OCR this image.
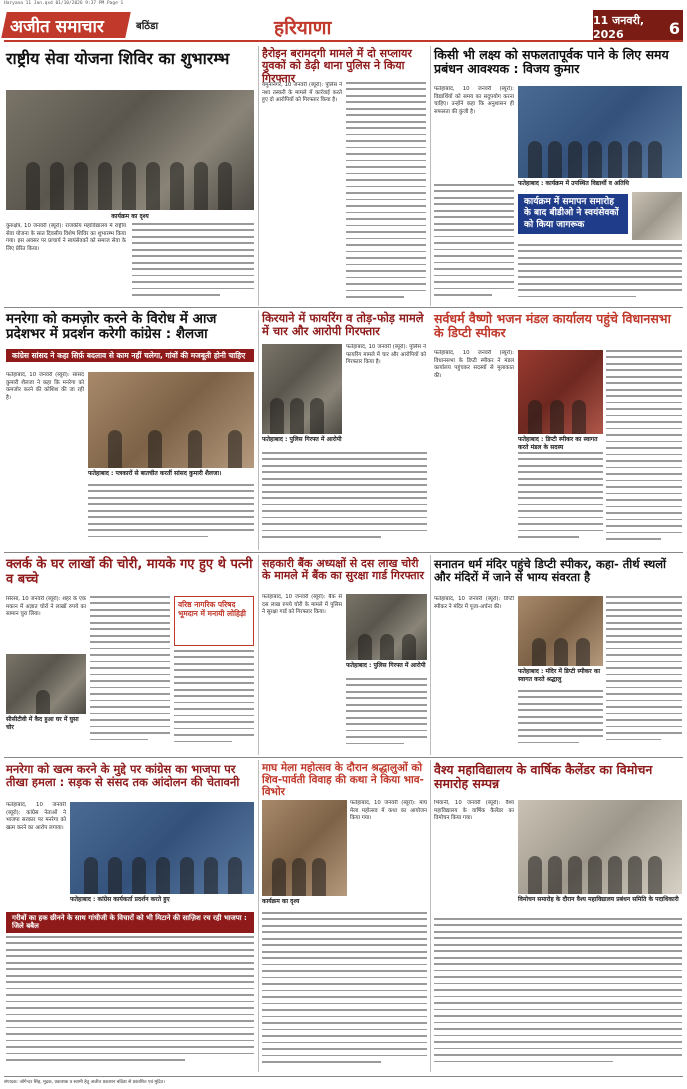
Haryana 11 Jan.qxd 01/10/2026 9:37 PM Page 1
अजीत समाचार	बठिंडा	हरियाणा	11 जनवरी, 2026	6
राष्ट्रीय सेवा योजना शिविर का शुभारम्भ
कार्यक्रम का दृश्य
कुरुक्षेत्र, 10 जनवरी (ब्यूरो): राजकीय महाविद्यालय में राष्ट्रीय सेवा योजना के सात दिवसीय विशेष शिविर का शुभारम्भ किया गया। इस अवसर पर प्राचार्य ने स्वयंसेवकों को समाज सेवा के लिए प्रेरित किया।
हैरोइन बरामदगी मामले में दो सप्लायर युवकों को डेढ़ी थाना पुलिस ने किया गिरफ्तार
यमुनानगर, 10 जनवरी (ब्यूरो): पुलिस ने नशा तस्करी के मामले में कार्रवाई करते हुए दो आरोपियों को गिरफ्तार किया है।
किसी भी लक्ष्य को सफलतापूर्वक पाने के लिए समय प्रबंधन आवश्यक : विजय कुमार
फतेहाबाद, 10 जनवरी (ब्यूरो): विद्यार्थियों को समय का सदुपयोग करना चाहिए। उन्होंने कहा कि अनुशासन ही सफलता की कुंजी है।
फतेहाबाद : कार्यक्रम में उपस्थित विद्यार्थी व अतिथि
कार्यक्रम में समापन समारोह के बाद बीडीओ ने स्वयंसेवकों को किया जागरूक
मनरेगा को कमज़ोर करने के विरोध में आज प्रदेशभर में प्रदर्शन करेगी कांग्रेस : शैलजा
कांग्रेस सांसद ने कहा सिर्फ़ बदलाव से काम नहीं चलेगा, गांवों की मजबूती होनी चाहिए
फतेहाबाद, 10 जनवरी (ब्यूरो): सांसद कुमारी शैलजा ने कहा कि मनरेगा को कमजोर करने की कोशिश की जा रही है।
फतेहाबाद : पत्रकारों से बातचीत करतीं सांसद कुमारी शैलजा।
किरयाने में फायरिंग व तोड़-फोड़ मामले में चार और आरोपी गिरफ्तार
फतेहाबाद : पुलिस गिरफ्त में आरोपी
फतेहाबाद, 10 जनवरी (ब्यूरो): पुलिस ने फायरिंग मामले में चार और आरोपियों को गिरफ्तार किया है।
सर्वधर्म वैष्णो भजन मंडल कार्यालय पहुंचे विधानसभा के डिप्टी स्पीकर
फतेहाबाद, 10 जनवरी (ब्यूरो): विधानसभा के डिप्टी स्पीकर ने मंडल कार्यालय पहुंचकर सदस्यों से मुलाकात की।
फतेहाबाद : डिप्टी स्पीकर का स्वागत करते मंडल के सदस्य
क्लर्क के घर लाखों की चोरी, मायके गए हुए थे पत्नी व बच्चे
सिरसा, 10 जनवरी (ब्यूरो): शहर के एक मकान में अज्ञात चोरों ने लाखों रुपये का सामान चुरा लिया।
सीसीटीवी में कैद हुआ घर में घुसा चोर
वरिष्ठ नागरिक परिषद भूमदान में मनायी लोहिड़ी
सहकारी बैंक अध्यक्षों से दस लाख चोरी के मामले में बैंक का सुरक्षा गार्ड गिरफ्तार
फतेहाबाद, 10 जनवरी (ब्यूरो): बैंक से दस लाख रुपये चोरी के मामले में पुलिस ने सुरक्षा गार्ड को गिरफ्तार किया।
फतेहाबाद : पुलिस गिरफ्त में आरोपी
सनातन धर्म मंदिर पहुंचे डिप्टी स्पीकर, कहा- तीर्थ स्थलों और मंदिरों में जाने से भाग्य संवरता है
फतेहाबाद, 10 जनवरी (ब्यूरो): डिप्टी स्पीकर ने मंदिर में पूजा-अर्चना की।
फतेहाबाद : मंदिर में डिप्टी स्पीकर का स्वागत करते श्रद्धालु
मनरेगा को खत्म करने के मुद्दे पर कांग्रेस का भाजपा पर तीखा हमला : सड़क से संसद तक आंदोलन की चेतावनी
फतेहाबाद, 10 जनवरी (ब्यूरो): कांग्रेस नेताओं ने भाजपा सरकार पर मनरेगा को खत्म करने का आरोप लगाया।
फतेहाबाद : कांग्रेस कार्यकर्ता प्रदर्शन करते हुए
गरीबों का हक छीनने के साथ गांधीजी के विचारों को भी मिटाने की साज़िश रच रही भाजपा : जिले बबैल
माघ मेला महोत्सव के दौरान श्रद्धालुओं को शिव-पार्वती विवाह की कथा ने किया भाव-विभोर
कार्यक्रम का दृश्य
फतेहाबाद, 10 जनवरी (ब्यूरो): माघ मेला महोत्सव में कथा का आयोजन किया गया।
वैश्य महाविद्यालय के वार्षिक कैलेंडर का विमोचन समारोह सम्पन्न
भिवानी, 10 जनवरी (ब्यूरो): वैश्य महाविद्यालय के वार्षिक कैलेंडर का विमोचन किया गया।
विमोचन समारोह के दौरान वैश्य महाविद्यालय प्रबंधन समिति के पदाधिकारी
संपादक: जोगेन्दर सिंह, मुद्रक, प्रकाशक व स्वामी हेतु अजीत प्रकाशन बठिंडा से प्रकाशित एवं मुद्रित।
